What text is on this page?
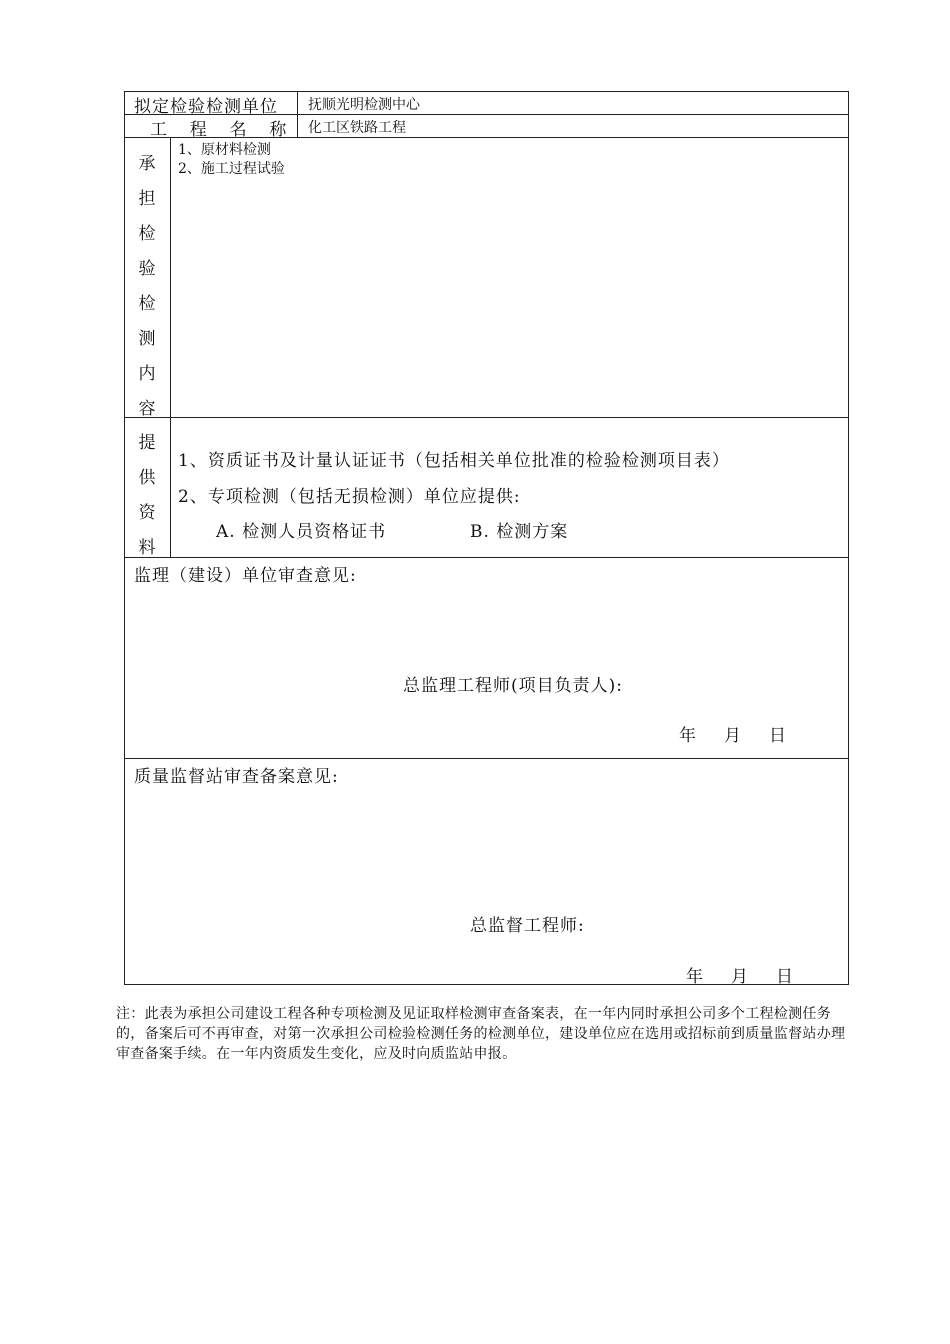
拟定检验检测单位 抚顺光明检测中心
工  程  名  称 化工区铁路工程
承
担
检
验
检
测
内
容
1、原材料检测
2、施工过程试验
提
供
资
料
1、资质证书及计量认证证书（包括相关单位批准的检验检测项目表）
2、专项检测（包括无损检测）单位应提供:
A. 检测人员资格证书	B. 检测方案
监理（建设）单位审查意见:
总监理工程师(项目负责人):
年 月 日
质量监督站审查备案意见:
总监督工程师:
年 月 日
注：此表为承担公司建设工程各种专项检测及见证取样检测审查备案表，在一年内同时承担公司多个工程检测任务的，备案后可不再审查，对第一次承担公司检验检测任务的检测单位，建设单位应在选用或招标前到质量监督站办理审查备案手续。在一年内资质发生变化，应及时向质监站申报。
